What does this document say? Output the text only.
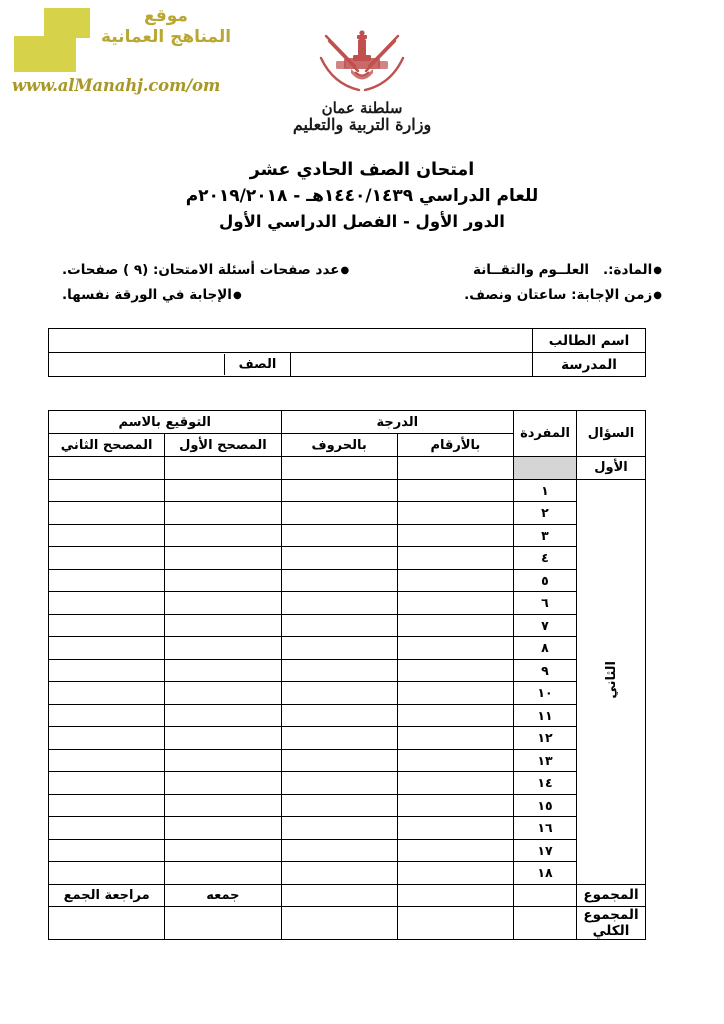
موقع
المناهج العمانية
www.alManahj.com/om
سلطنة عمان
وزارة التربية والتعليم
امتحان الصف الحادي عشر
للعام الدراسي ١٤٤٠/١٤٣٩هـ - ٢٠١٩/٢٠١٨م
الدور الأول - الفصل الدراسي الأول
●
المادة:.
العلــوم والتقــانة
●
عدد صفحات أسئلة الامتحان: (٩ ) صفحات.
●
زمن الإجابة: ساعتان ونصف.
●
الإجابة في الورقة نفسها.
اسم الطالب	
المدرسة		
الصف	
السؤال	المفردة	الدرجة		التوقيع بالاسم	
		بالأرقام	بالحروف	المصحح الأول	المصحح الثاني
الأول					
الثاني	١				
	٢				
	٣				
	٤				
	٥				
	٦				
	٧				
	٨				
	٩				
	١٠				
	١١				
	١٢				
	١٣				
	١٤				
	١٥				
	١٦				
	١٧				
	١٨				
المجموع				جمعه	مراجعة الجمع
المجموع الكلي					
